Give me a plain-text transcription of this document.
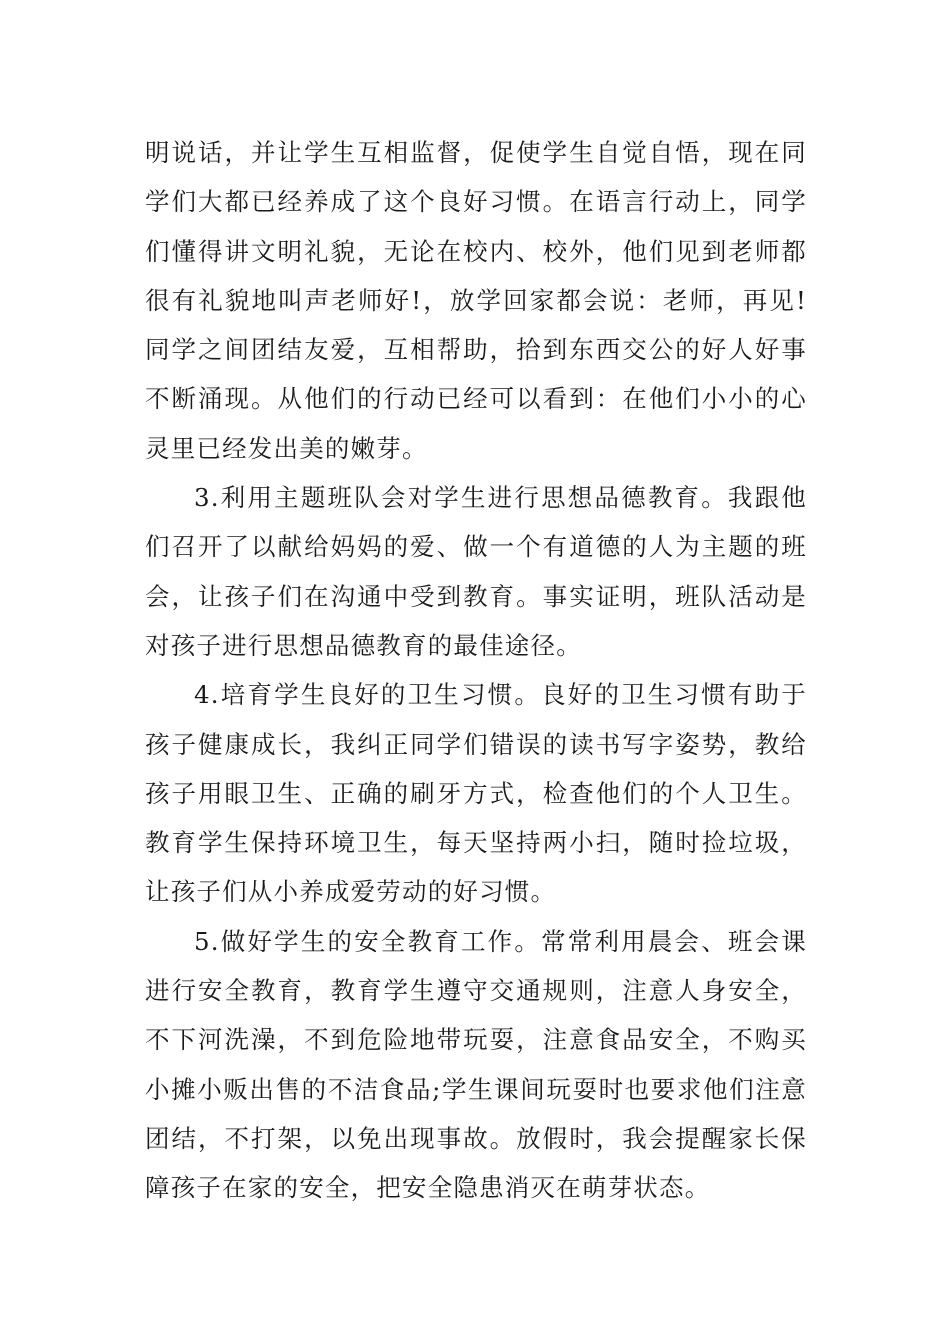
明说话，并让学生互相监督，促使学生自觉自悟，现在同
学们大都已经养成了这个良好习惯。在语言行动上，同学
们懂得讲文明礼貌，无论在校内、校外，他们见到老师都
很有礼貌地叫声老师好!，放学回家都会说：老师，再见!
同学之间团结友爱，互相帮助，拾到东西交公的好人好事
不断涌现。从他们的行动已经可以看到：在他们小小的心
灵里已经发出美的嫩芽。
3.利用主题班队会对学生进行思想品德教育。我跟他
们召开了以献给妈妈的爱、做一个有道德的人为主题的班
会，让孩子们在沟通中受到教育。事实证明，班队活动是
对孩子进行思想品德教育的最佳途径。
4.培育学生良好的卫生习惯。良好的卫生习惯有助于
孩子健康成长，我纠正同学们错误的读书写字姿势，教给
孩子用眼卫生、正确的刷牙方式，检查他们的个人卫生。
教育学生保持环境卫生，每天坚持两小扫，随时捡垃圾，
让孩子们从小养成爱劳动的好习惯。
5.做好学生的安全教育工作。常常利用晨会、班会课
进行安全教育，教育学生遵守交通规则，注意人身安全，
不下河洗澡，不到危险地带玩耍，注意食品安全，不购买
小摊小贩出售的不洁食品;学生课间玩耍时也要求他们注意
团结，不打架，以免出现事故。放假时，我会提醒家长保
障孩子在家的安全，把安全隐患消灭在萌芽状态。
